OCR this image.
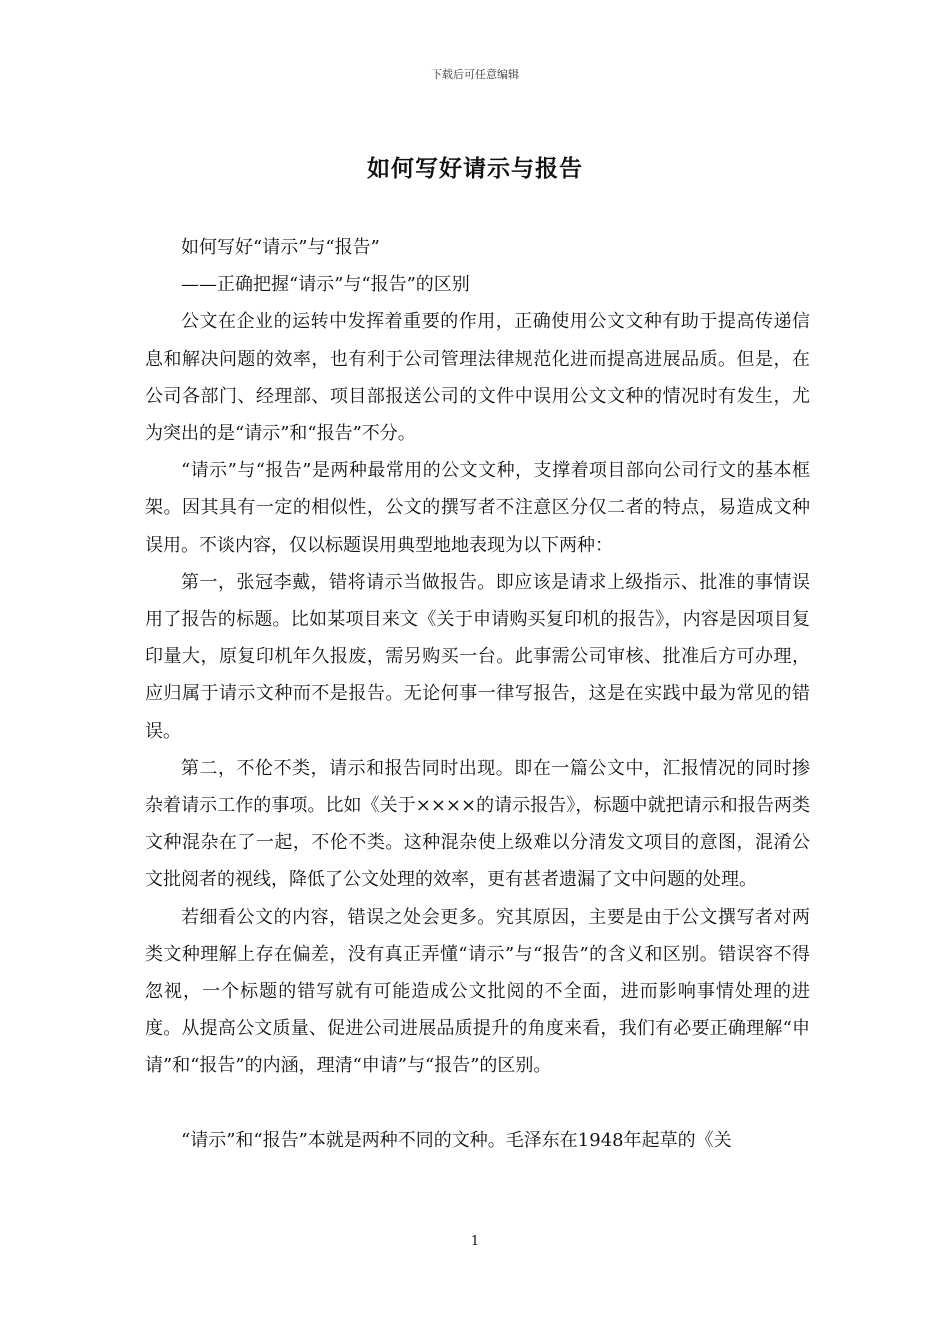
下载后可任意编辑
如何写好请示与报告

如何写好“请示”与“报告”

——正确把握“请示”与“报告”的区别

公文在企业的运转中发挥着重要的作用，正确使用公文文种有助于提高传递信息和解决问题的效率，也有利于公司管理法律规范化进而提高进展品质。但是，在公司各部门、经理部、项目部报送公司的文件中误用公文文种的情况时有发生，尤为突出的是“请示”和“报告”不分。

“请示”与“报告”是两种最常用的公文文种，支撑着项目部向公司行文的基本框架。因其具有一定的相似性，公文的撰写者不注意区分仅二者的特点，易造成文种误用。不谈内容，仅以标题误用典型地地表现为以下两种：

第一，张冠李戴，错将请示当做报告。即应该是请求上级指示、批准的事情误用了报告的标题。比如某项目来文《关于申请购买复印机的报告》，内容是因项目复印量大，原复印机年久报废，需另购买一台。此事需公司审核、批准后方可办理，应归属于请示文种而不是报告。无论何事一律写报告，这是在实践中最为常见的错误。

第二，不伦不类，请示和报告同时出现。即在一篇公文中，汇报情况的同时掺杂着请示工作的事项。比如《关于××××的请示报告》，标题中就把请示和报告两类文种混杂在了一起，不伦不类。这种混杂使上级难以分清发文项目的意图，混淆公文批阅者的视线，降低了公文处理的效率，更有甚者遗漏了文中问题的处理。

若细看公文的内容，错误之处会更多。究其原因，主要是由于公文撰写者对两类文种理解上存在偏差，没有真正弄懂“请示”与“报告”的含义和区别。错误容不得忽视，一个标题的错写就有可能造成公文批阅的不全面，进而影响事情处理的进度。从提高公文质量、促进公司进展品质提升的角度来看，我们有必要正确理解“申请”和“报告”的内涵，理清“申请”与“报告”的区别。

“请示”和“报告”本就是两种不同的文种。毛泽东在1948年起草的《关

1
